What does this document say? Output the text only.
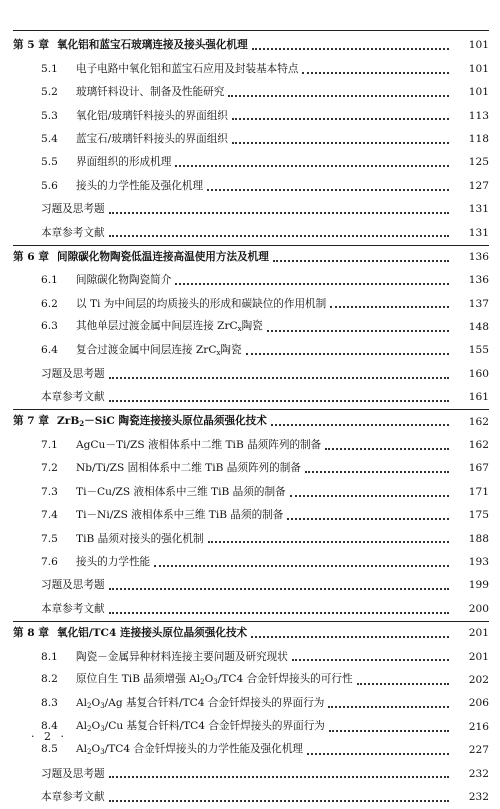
第 5 章 氧化铝和蓝宝石玻璃连接及接头强化机理	101
5.1	电子电路中氧化铝和蓝宝石应用及封装基本特点	101
5.2	玻璃钎料设计、制备及性能研究	101
5.3	氧化铝/玻璃钎料接头的界面组织	113
5.4	蓝宝石/玻璃钎料接头的界面组织	118
5.5	界面组织的形成机理	125
5.6	接头的力学性能及强化机理	127
习题及思考题	131
本章参考文献	131
第 6 章 间隙碳化物陶瓷低温连接高温使用方法及机理	136
6.1	间隙碳化物陶瓷简介	136
6.2	以 Ti 为中间层的均质接头的形成和碳缺位的作用机制	137
6.3	其他单层过渡金属中间层连接 ZrC$_x$陶瓷	148
6.4	复合过渡金属中间层连接 ZrC$_x$陶瓷	155
习题及思考题	160
本章参考文献	161
第 7 章 ZrB$_2$－SiC 陶瓷连接接头原位晶须强化技术	162
7.1	AgCu－Ti/ZS 液相体系中二维 TiB 晶须阵列的制备	162
7.2	Nb/Ti/ZS 固相体系中二维 TiB 晶须阵列的制备	167
7.3	Ti－Cu/ZS 液相体系中三维 TiB 晶须的制备	171
7.4	Ti－Ni/ZS 液相体系中三维 TiB 晶须的制备	175
7.5	TiB 晶须对接头的强化机制	188
7.6	接头的力学性能	193
习题及思考题	199
本章参考文献	200
第 8 章 氧化铝/TC4 连接接头原位晶须强化技术	201
8.1	陶瓷－金属异种材料连接主要问题及研究现状	201
8.2	原位自生 TiB 晶须增强 $Al_2O_3/TC4$ 合金钎焊接头的可行性	202
8.3	$Al_2O_3/Ag$ 基复合钎料/TC4 合金钎焊接头的界面行为	206
8.4	$Al_2O_3/Cu$ 基复合钎料/TC4 合金钎焊接头的界面行为	216
8.5	$Al_2O_3/TC4$ 合金钎焊接头的力学性能及强化机理	227
习题及思考题	232
本章参考文献	232
· 2 ·
